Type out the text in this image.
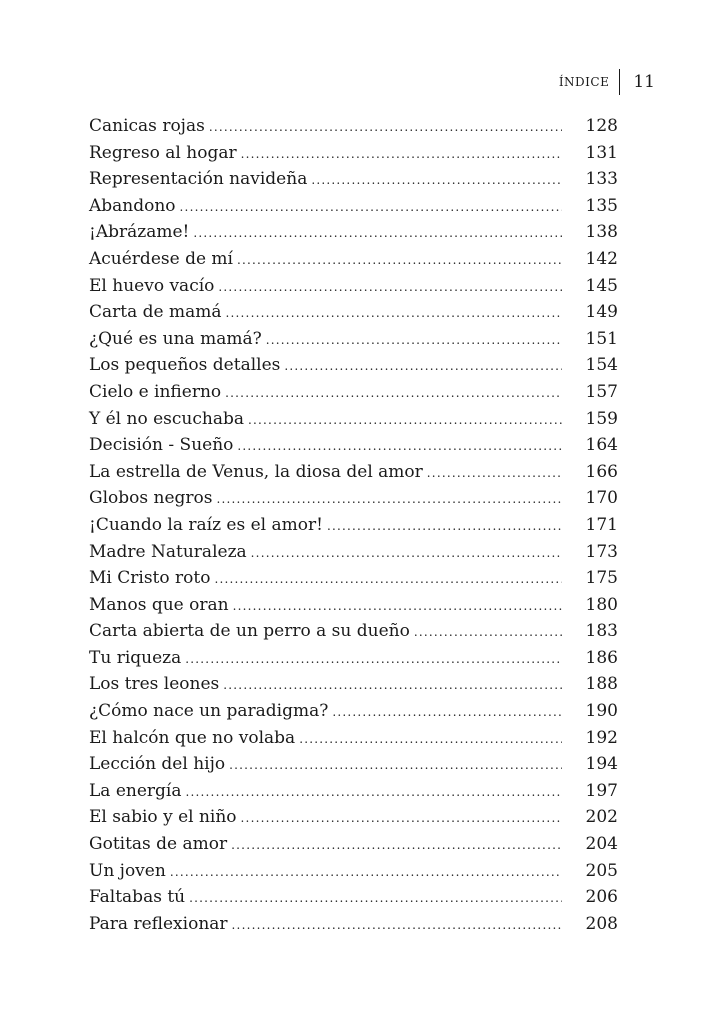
ÍNDICE 11
Canicas rojas .....	128
Regreso al hogar .....	131
Representación navideña .....	133
Abandono .....	135
¡Abrázame! .....	138
Acuérdese de mí .....	142
El huevo vacío .....	145
Carta de mamá .....	149
¿Qué es una mamá? .....	151
Los pequeños detalles .....	154
Cielo e infierno .....	157
Y él no escuchaba .....	159
Decisión - Sueño .....	164
La estrella de Venus, la diosa del amor .....	166
Globos negros .....	170
¡Cuando la raíz es el amor! .....	171
Madre Naturaleza .....	173
Mi Cristo roto .....	175
Manos que oran .....	180
Carta abierta de un perro a su dueño .....	183
Tu riqueza .....	186
Los tres leones .....	188
¿Cómo nace un paradigma? .....	190
El halcón que no volaba .....	192
Lección del hijo .....	194
La energía .....	197
El sabio y el niño .....	202
Gotitas de amor .....	204
Un joven .....	205
Faltabas tú .....	206
Para reflexionar .....	208
